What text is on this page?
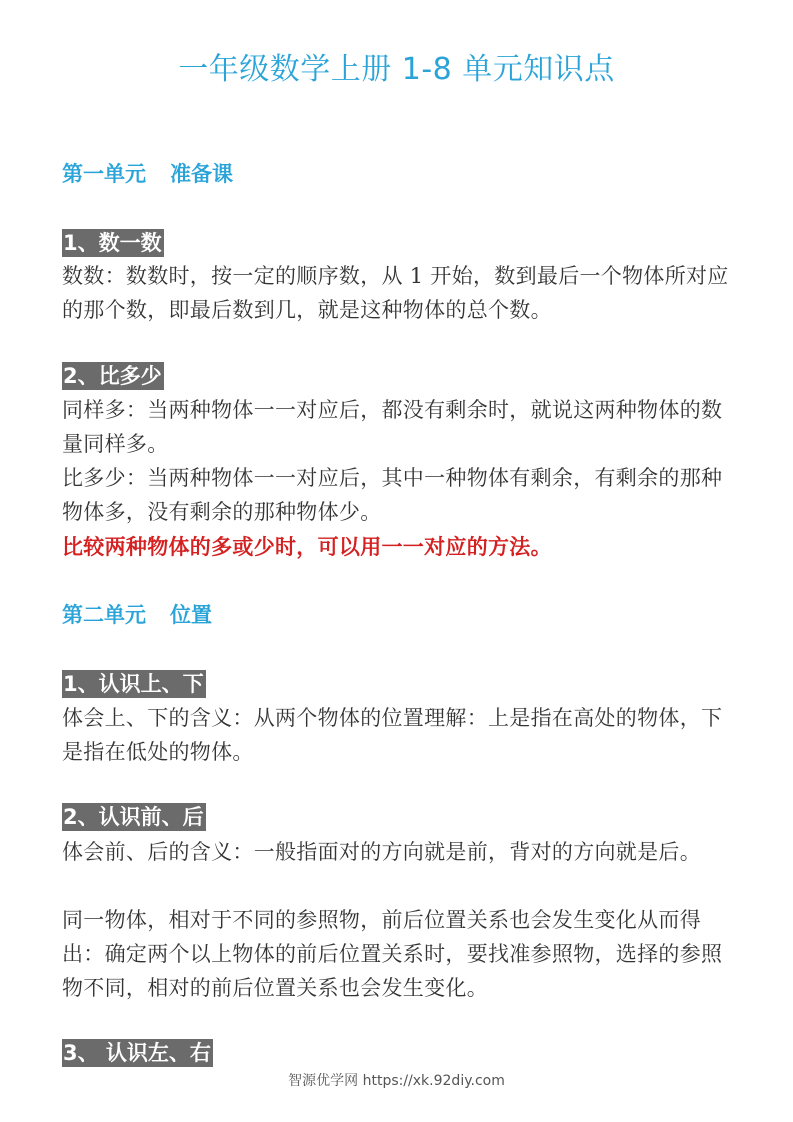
一年级数学上册 1-8 单元知识点
第一单元 准备课
1、数一数

数数：数数时，按一定的顺序数，从 1 开始，数到最后一个物体所对应的那个数，即最后数到几，就是这种物体的总个数。

2、比多少

同样多：当两种物体一一对应后，都没有剩余时，就说这两种物体的数量同样多。

比多少：当两种物体一一对应后，其中一种物体有剩余，有剩余的那种物体多，没有剩余的那种物体少。

比较两种物体的多或少时，可以用一一对应的方法。

第二单元 位置
1、认识上、下

体会上、下的含义：从两个物体的位置理解：上是指在高处的物体，下是指在低处的物体。

2、认识前、后

体会前、后的含义：一般指面对的方向就是前，背对的方向就是后。

同一物体，相对于不同的参照物，前后位置关系也会发生变化从而得出：确定两个以上物体的前后位置关系时，要找准参照物，选择的参照物不同，相对的前后位置关系也会发生变化。

3、 认识左、右
智源优学网 https://xk.92diy.com
